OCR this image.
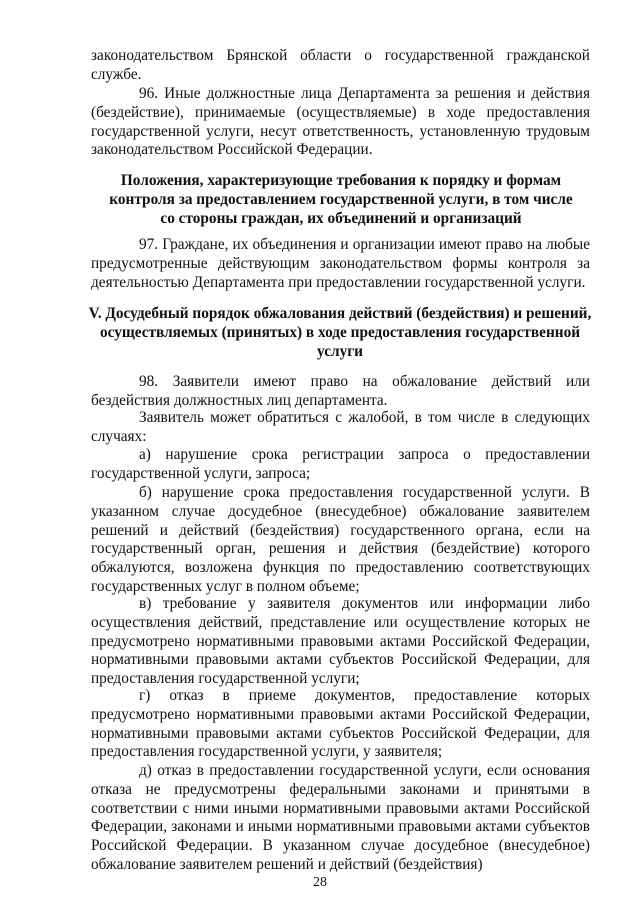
законодательством Брянской области о государственной гражданской службе.

96. Иные должностные лица Департамента за решения и действия (бездействие), принимаемые (осуществляемые) в ходе предоставления государственной услуги, несут ответственность, установленную трудовым законодательством Российской Федерации.

Положения, характеризующие требования к порядку и формам контроля за предоставлением государственной услуги, в том числе со стороны граждан, их объединений и организаций

97. Граждане, их объединения и организации имеют право на любые предусмотренные действующим законодательством формы контроля за деятельностью Департамента при предоставлении государственной услуги.

V. Досудебный порядок обжалования действий (бездействия) и решений, осуществляемых (принятых) в ходе предоставления государственной услуги

98. Заявители имеют право на обжалование действий или бездействия должностных лиц департамента.

Заявитель может обратиться с жалобой, в том числе в следующих случаях:

а) нарушение срока регистрации запроса о предоставлении государственной услуги, запроса;

б) нарушение срока предоставления государственной услуги. В указанном случае досудебное (внесудебное) обжалование заявителем решений и действий (бездействия) государственного органа, если на государственный орган, решения и действия (бездействие) которого обжалуются, возложена функция по предоставлению соответствующих государственных услуг в полном объеме;

в) требование у заявителя документов или информации либо осуществления действий, представление или осуществление которых не предусмотрено нормативными правовыми актами Российской Федерации, нормативными правовыми актами субъектов Российской Федерации, для предоставления государственной услуги;

г) отказ в приеме документов, предоставление которых предусмотрено нормативными правовыми актами Российской Федерации, нормативными правовыми актами субъектов Российской Федерации, для предоставления государственной услуги, у заявителя;

д) отказ в предоставлении государственной услуги, если основания отказа не предусмотрены федеральными законами и принятыми в соответствии с ними иными нормативными правовыми актами Российской Федерации, законами и иными нормативными правовыми актами субъектов Российской Федерации. В указанном случае досудебное (внесудебное) обжалование заявителем решений и действий (бездействия)

28
